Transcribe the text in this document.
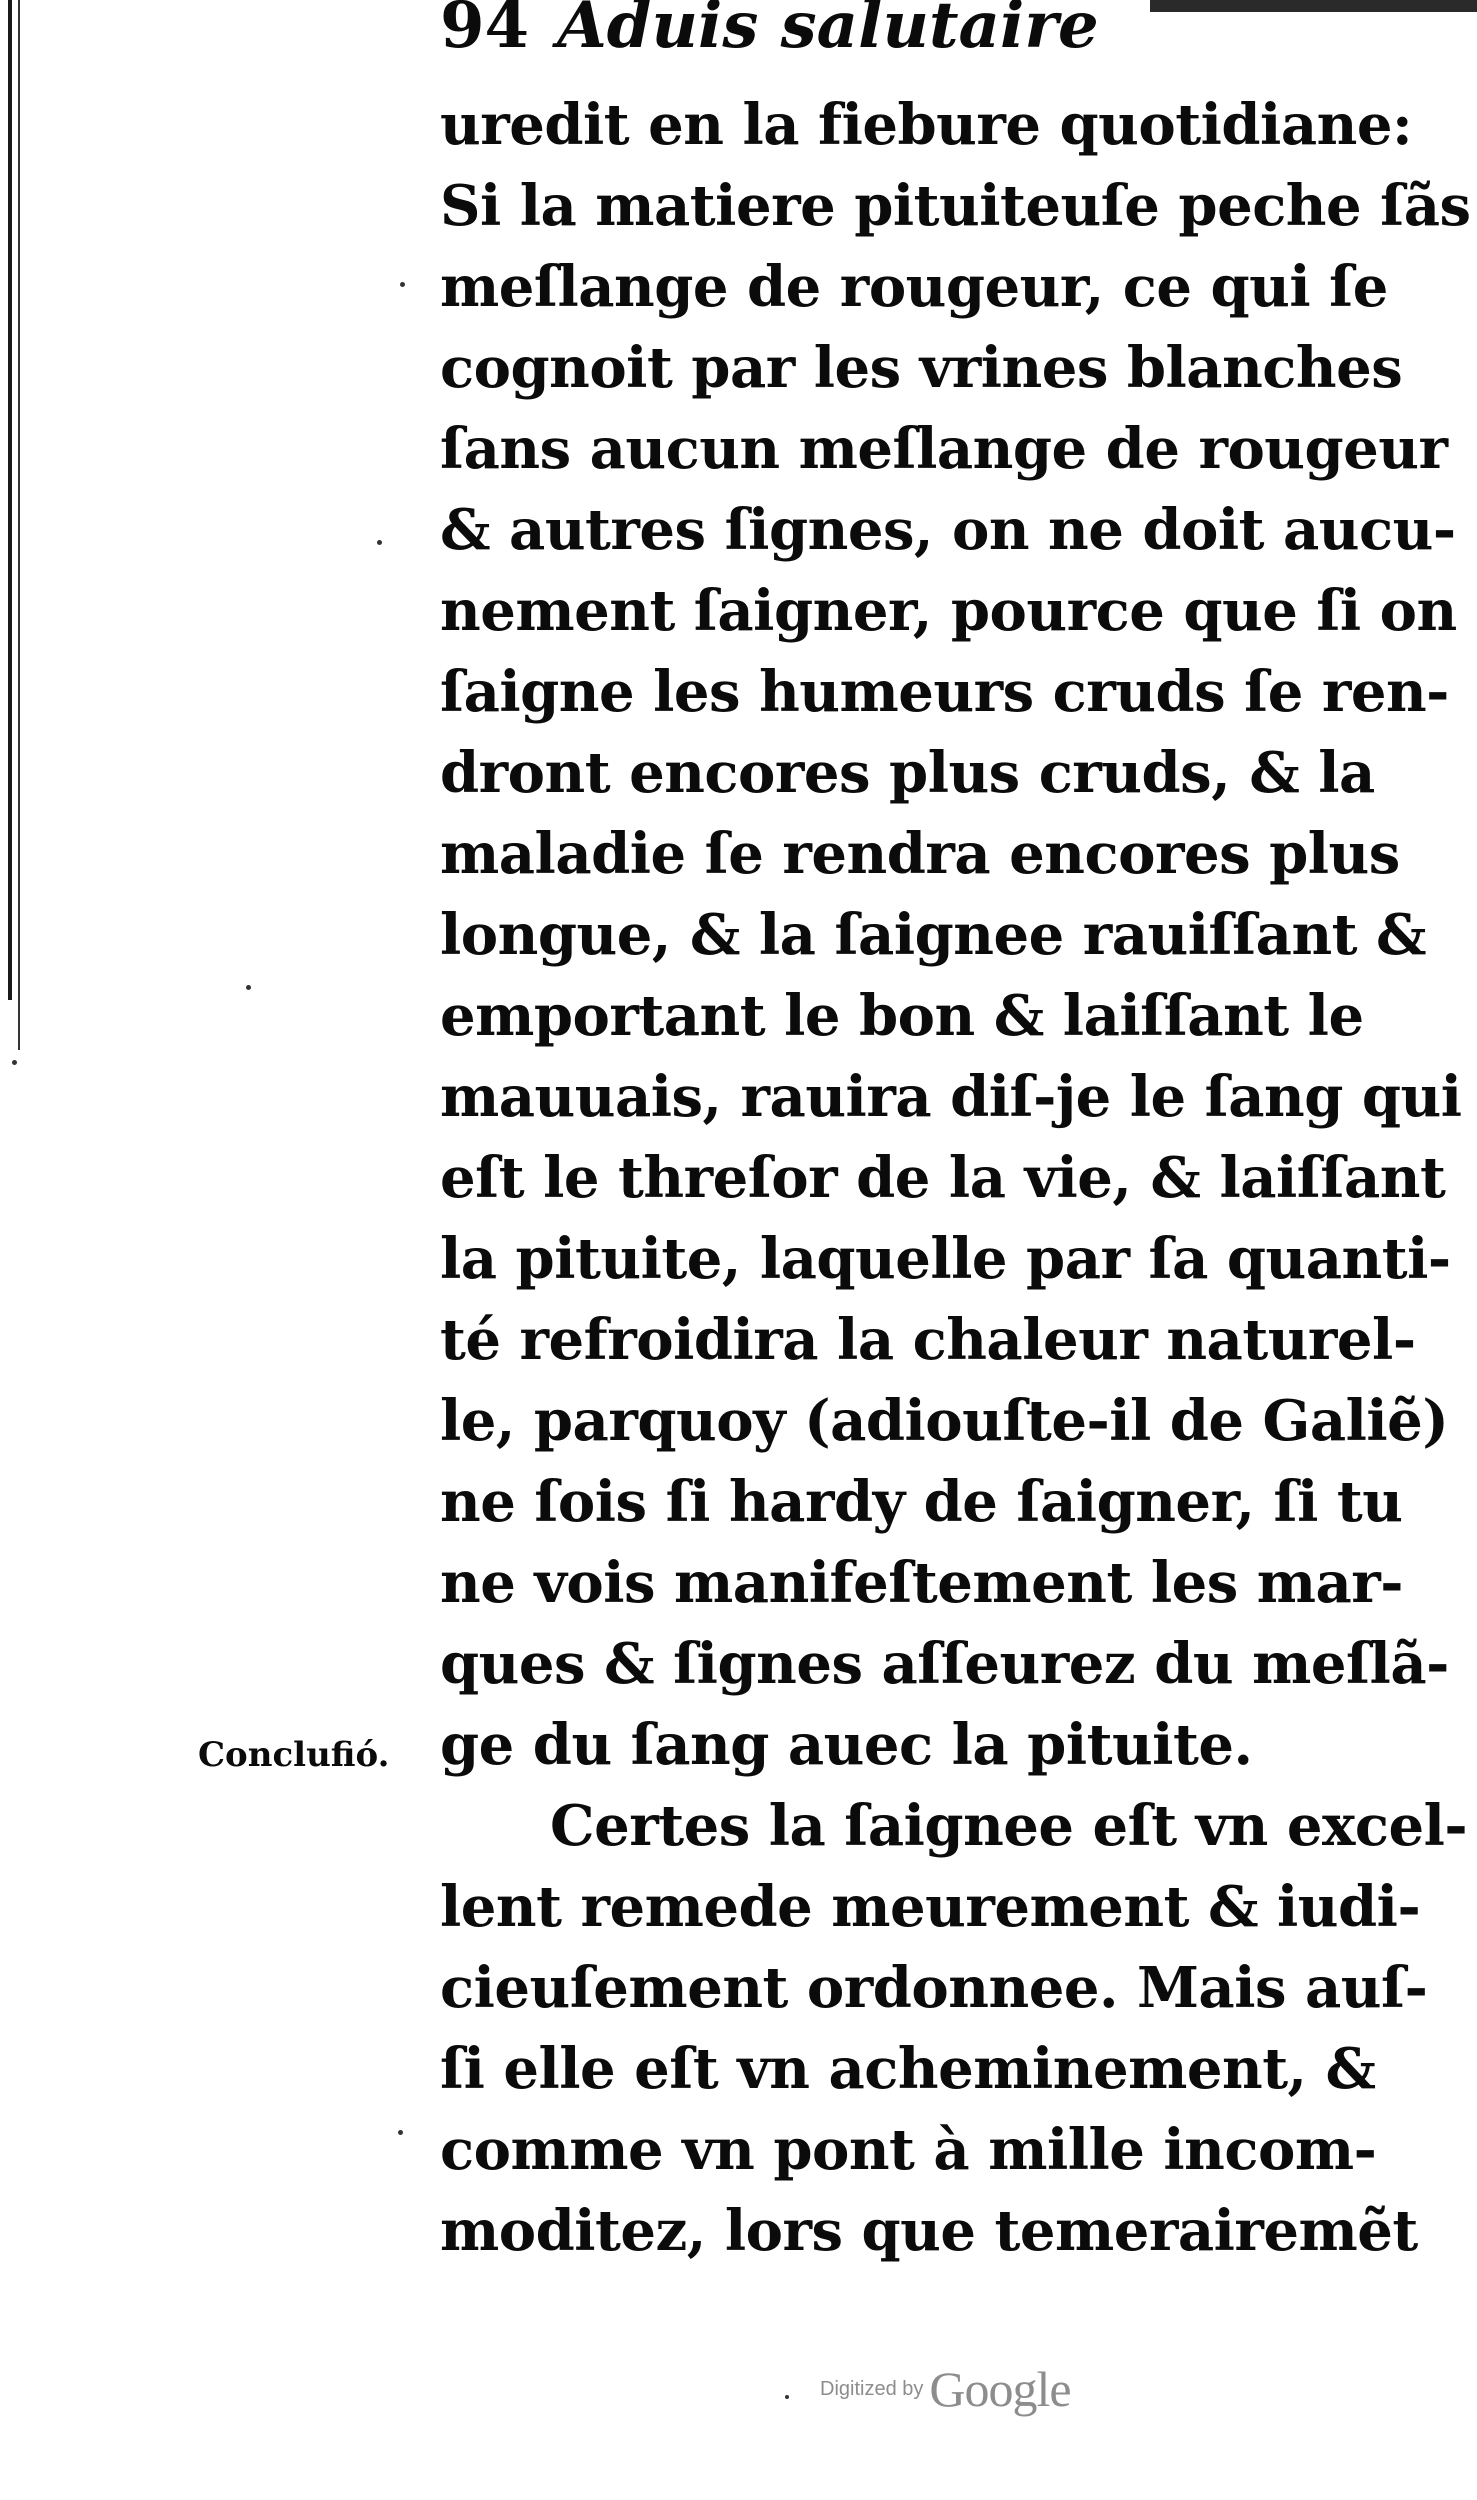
94 Aduis salutaire
Conclufió.
uredit en la fiebure quotidiane:
Si la matiere pituiteuſe peche ſãs
meſlange de rougeur, ce qui ſe
cognoit par les vrines blanches
ſans aucun meſlange de rougeur
& autres ſignes, on ne doit aucu-
nement ſaigner, pource que ſi on
ſaigne les humeurs cruds ſe ren-
dront encores plus cruds, & la
maladie ſe rendra encores plus
longue, & la ſaignee rauiſſant &
emportant le bon & laiſſant le
mauuais, rauira diſ-je le ſang qui
eſt le threſor de la vie, & laiſſant
la pituite, laquelle par ſa quanti-
té refroidira la chaleur naturel-
le, parquoy (adiouſte-il de Galiẽ)
ne ſois ſi hardy de ſaigner, ſi tu
ne vois manifeſtement les mar-
ques & ſignes aſſeurez du meſlã-
ge du ſang auec la pituite.
Certes la ſaignee eſt vn excel-
lent remede meurement & iudi-
cieuſement ordonnee. Mais auſ-
ſi elle eſt vn acheminement, &
comme vn pont à mille incom-
moditez, lors que temerairemẽt
Digitized by Google
